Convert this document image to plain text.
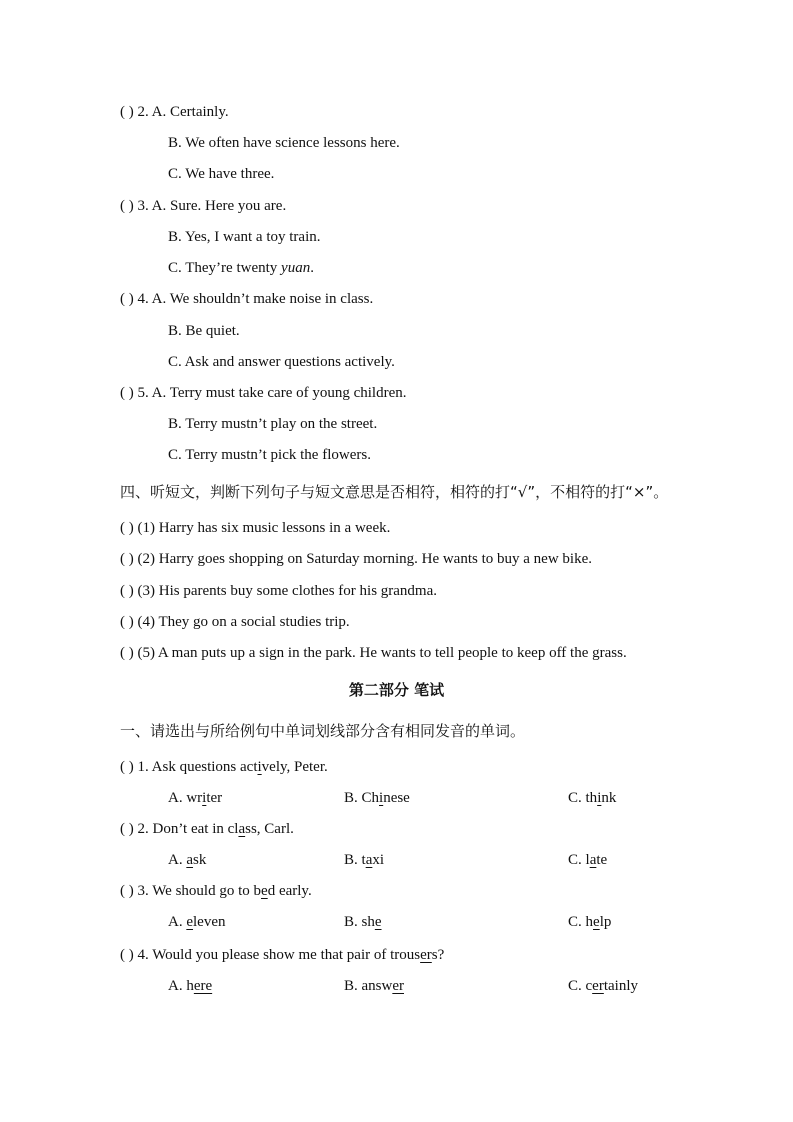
( ) 2. A. Certainly.
B. We often have science lessons here.
C. We have three.
( ) 3. A. Sure. Here you are.
B. Yes, I want a toy train.
C. They’re twenty yuan.
( ) 4. A. We shouldn’t make noise in class.
B. Be quiet.
C. Ask and answer questions actively.
( ) 5. A. Terry must take care of young children.
B. Terry mustn’t play on the street.
C. Terry mustn’t pick the flowers.
四、听短文，判断下列句子与短文意思是否相符，相符的打“√”，不相符的打“×”。
( ) (1) Harry has six music lessons in a week.
( ) (2) Harry goes shopping on Saturday morning. He wants to buy a new bike.
( ) (3) His parents buy some clothes for his grandma.
( ) (4) They go on a social studies trip.
( ) (5) A man puts up a sign in the park. He wants to tell people to keep off the grass.
第二部分 笔试
一、请选出与所给例句中单词划线部分含有相同发音的单词。
( ) 1. Ask questions actively, Peter.
A. writer	B. Chinese	C. think
( ) 2. Don’t eat in class, Carl.
A. ask	B. taxi	C. late
( ) 3. We should go to bed early.
A. eleven	B. she	C. help
( ) 4. Would you please show me that pair of trousers?
A. here	B. answer	C. certainly
